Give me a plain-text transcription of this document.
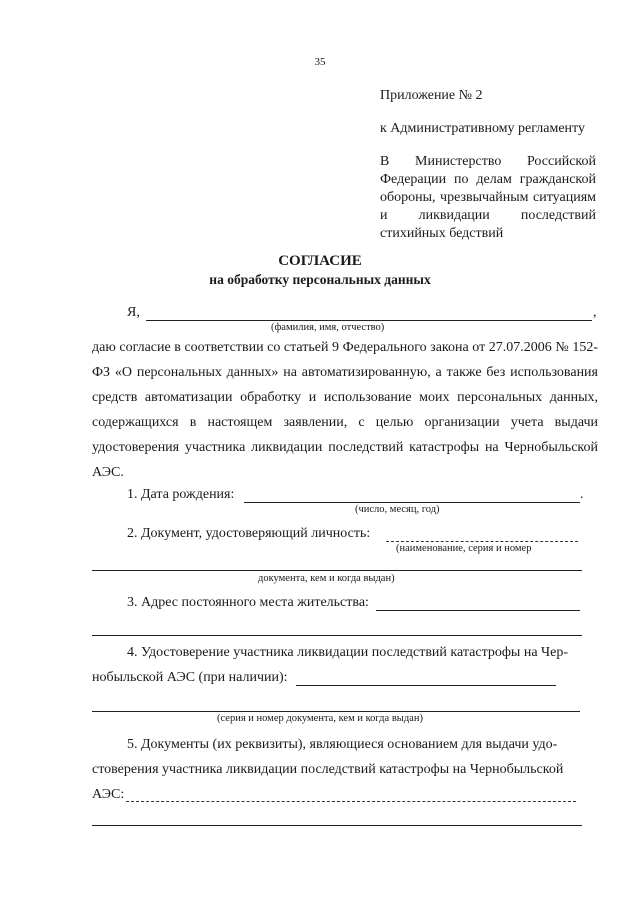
35
Приложение № 2
к Административному регламенту
В Министерство Российской Федерации по делам гражданской обороны, чрезвычайным ситуациям и ликвидации последствий стихийных бедствий
СОГЛАСИЕ
на обработку персональных данных
Я,	,
(фамилия, имя, отчество)
даю согласие в соответствии со статьей 9 Федерального закона от 27.07.2006 № 152-ФЗ «О персональных данных» на автоматизированную, а также без использования средств автоматизации обработку и использование моих персональных данных, содержащихся в настоящем заявлении, с целью организации учета выдачи удостоверения участника ликвидации последствий катастрофы на Чернобыльской АЭС.
1. Дата рождения:	.
(число, месяц, год)
2. Документ, удостоверяющий личность:
(наименование, серия и номер
документа, кем и когда выдан)
3. Адрес постоянного места жительства:
4. Удостоверение участника ликвидации последствий катастрофы на Чер-
нобыльской АЭС (при наличии):
(серия и номер документа, кем и когда выдан)
5. Документы (их реквизиты), являющиеся основанием для выдачи удо-
стоверения участника ликвидации последствий катастрофы на Чернобыльской
АЭС:
